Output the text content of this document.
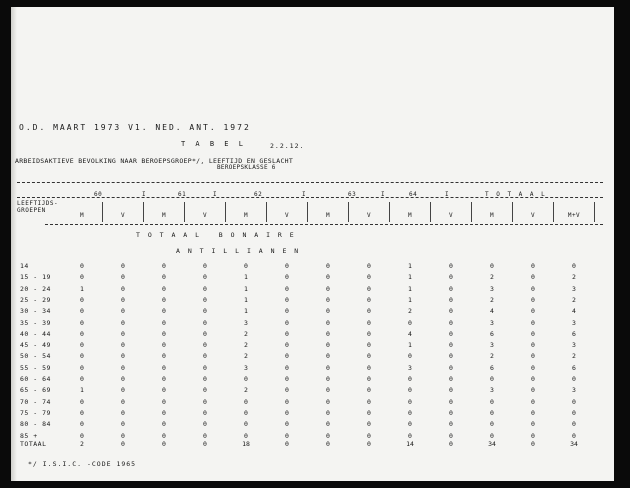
O.D. MAART 1973 V1. NED. ANT. 1972
T A B E L	2.2.12.
ARBEIDSAKTIEVE BEVOLKING NAAR BEROEPSGROEP*/, LEEFTIJD EN GESLACHT
BEROEPSKLASSE 6
LEEFTIJDS-
GROEPEN
60	I	61	I	62	I	63	I	64	I	T O T A A L
M	V	M	V	M	V	M	V	M	V	M	V	M+V
T O T A A L   B O N A I R E
A N T I L L I A N E N
14	0	0	0	0	0	0	0	0	1	0	0	0	0
15 - 19	0	0	0	0	1	0	0	0	1	0	2	0	2
20 - 24	1	0	0	0	1	0	0	0	1	0	3	0	3
25 - 29	0	0	0	0	1	0	0	0	1	0	2	0	2
30 - 34	0	0	0	0	1	0	0	0	2	0	4	0	4
35 - 39	0	0	0	0	3	0	0	0	0	0	3	0	3
40 - 44	0	0	0	0	2	0	0	0	4	0	6	0	6
45 - 49	0	0	0	0	2	0	0	0	1	0	3	0	3
50 - 54	0	0	0	0	2	0	0	0	0	0	2	0	2
55 - 59	0	0	0	0	3	0	0	0	3	0	6	0	6
60 - 64	0	0	0	0	0	0	0	0	0	0	0	0	0
65 - 69	1	0	0	0	2	0	0	0	0	0	3	0	3
70 - 74	0	0	0	0	0	0	0	0	0	0	0	0	0
75 - 79	0	0	0	0	0	0	0	0	0	0	0	0	0
80 - 84	0	0	0	0	0	0	0	0	0	0	0	0	0
85 +	0	0	0	0	0	0	0	0	0	0	0	0	0
TOTAAL	2	0	0	0	18	0	0	0	14	0	34	0	34
*/ I.S.I.C. -CODE 1965
